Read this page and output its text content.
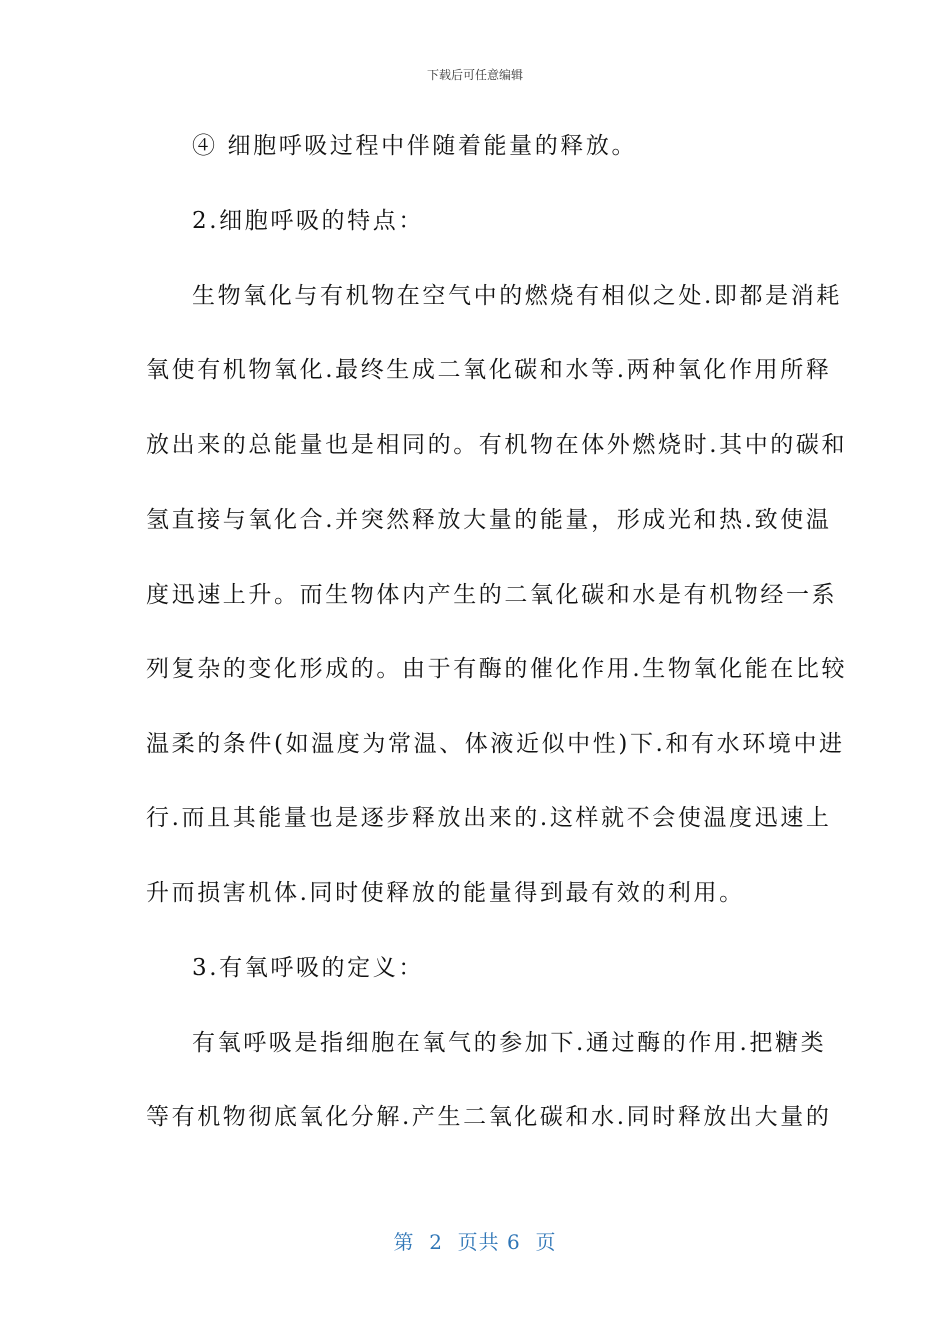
下载后可任意编辑
④ 细胞呼吸过程中伴随着能量的释放。
2.细胞呼吸的特点：
生物氧化与有机物在空气中的燃烧有相似之处.即都是消耗
氧使有机物氧化.最终生成二氧化碳和水等.两种氧化作用所释
放出来的总能量也是相同的。有机物在体外燃烧时.其中的碳和
氢直接与氧化合.并突然释放大量的能量，形成光和热.致使温
度迅速上升。而生物体内产生的二氧化碳和水是有机物经一系
列复杂的变化形成的。由于有酶的催化作用.生物氧化能在比较
温柔的条件(如温度为常温、体液近似中性)下.和有水环境中进
行.而且其能量也是逐步释放出来的.这样就不会使温度迅速上
升而损害机体.同时使释放的能量得到最有效的利用。
3.有氧呼吸的定义：
有氧呼吸是指细胞在氧气的参加下.通过酶的作用.把糖类
等有机物彻底氧化分解.产生二氧化碳和水.同时释放出大量的
第  2  页共 6  页
